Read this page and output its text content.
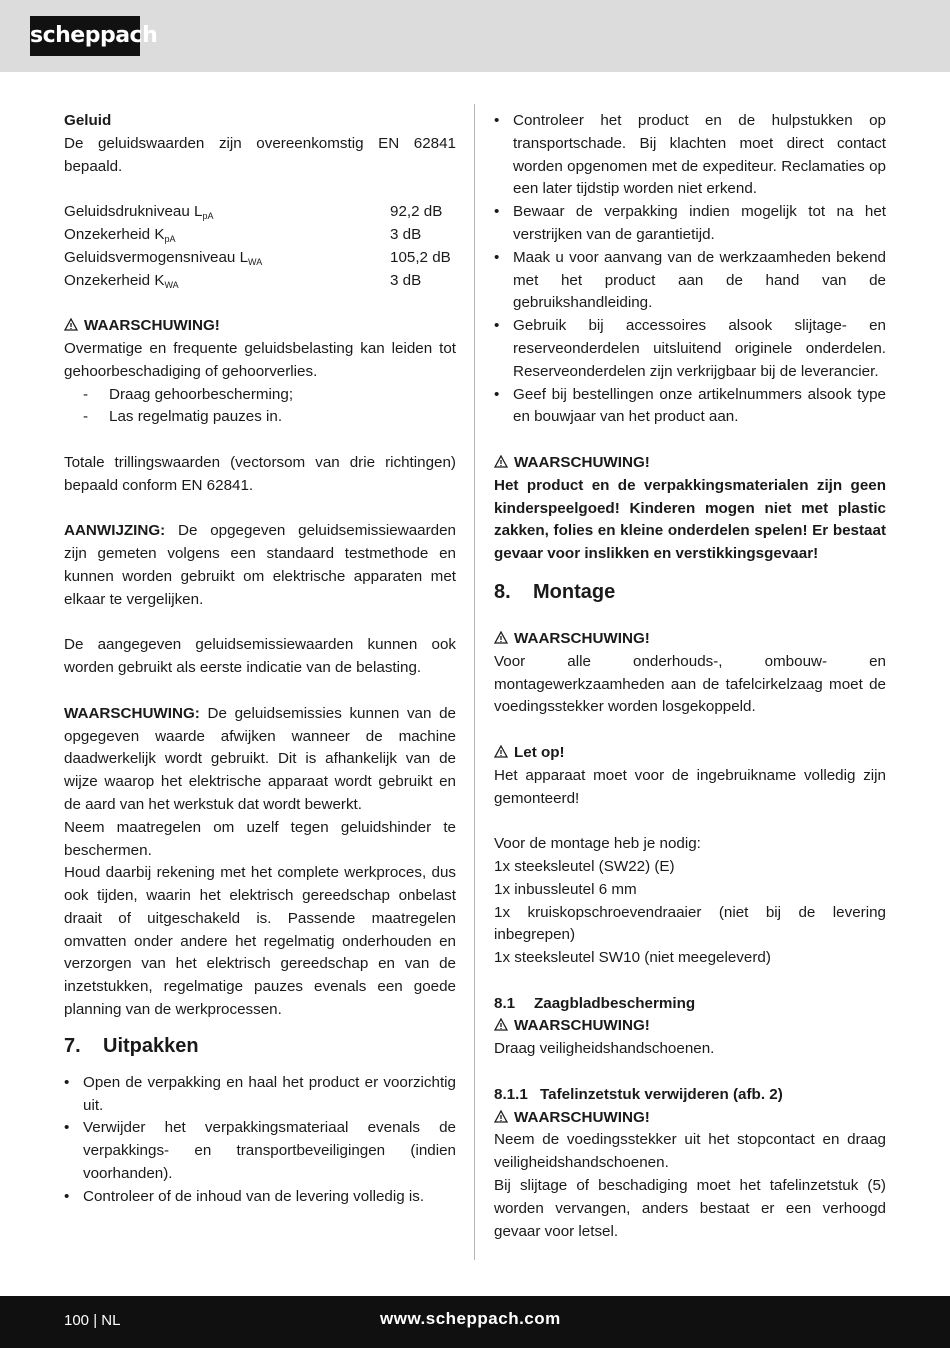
scheppach

Geluid

De geluidswaarden zijn overeenkomstig EN 62841 bepaald.

Geluidsdrukniveau $L_{pA}$	92,2 dB
Onzekerheid $K_{pA}$	3 dB
Geluidsvermogensniveau $L_{WA}$	105,2 dB
Onzekerheid $K_{WA}$	3 dB

WAARSCHUWING!

Overmatige en frequente geluidsbelasting kan leiden tot gehoorbeschadiging of gehoorverlies.

- Draag gehoorbescherming;
- Las regelmatig pauzes in.

Totale trillingswaarden (vectorsom van drie richtingen) bepaald conform EN 62841.

AANWIJZING: De opgegeven geluidsemissiewaarden zijn gemeten volgens een standaard testmethode en kunnen worden gebruikt om elektrische apparaten met elkaar te vergelijken.

De aangegeven geluidsemissiewaarden kunnen ook worden gebruikt als eerste indicatie van de belasting.

WAARSCHUWING: De geluidsemissies kunnen van de opgegeven waarde afwijken wanneer de machine daadwerkelijk wordt gebruikt. Dit is afhankelijk van de wijze waarop het elektrische apparaat wordt gebruikt en de aard van het werkstuk dat wordt bewerkt.

Neem maatregelen om uzelf tegen geluidshinder te beschermen.

Houd daarbij rekening met het complete werkproces, dus ook tijden, waarin het elektrisch gereedschap onbelast draait of uitgeschakeld is. Passende maatregelen omvatten onder andere het regelmatig onderhouden en verzorgen van het elektrisch gereedschap en van de inzetstukken, regelmatige pauzes evenals een goede planning van de werkprocessen.

7.	Uitpakken
• Open de verpakking en haal het product er voorzichtig uit.
• Verwijder het verpakkingsmateriaal evenals de verpakkings- en transportbeveiligingen (indien voorhanden).
• Controleer of de inhoud van de levering volledig is.
• Controleer het product en de hulpstukken op transportschade. Bij klachten moet direct contact worden opgenomen met de expediteur. Reclamaties op een later tijdstip worden niet erkend.
• Bewaar de verpakking indien mogelijk tot na het verstrijken van de garantietijd.
• Maak u voor aanvang van de werkzaamheden bekend met het product aan de hand van de gebruikshandleiding.
• Gebruik bij accessoires alsook slijtage- en reserveonderdelen uitsluitend originele onderdelen. Reserveonderdelen zijn verkrijgbaar bij de leverancier.
• Geef bij bestellingen onze artikelnummers alsook type en bouwjaar van het product aan.

WAARSCHUWING!

Het product en de verpakkingsmaterialen zijn geen kinderspeelgoed! Kinderen mogen niet met plastic zakken, folies en kleine onderdelen spelen! Er bestaat gevaar voor inslikken en verstikkingsgevaar!

8.	Montage

WAARSCHUWING!

Voor alle onderhouds-, ombouw- en montagewerkzaamheden aan de tafelcirkelzaag moet de voedingsstekker worden losgekoppeld.

Let op!

Het apparaat moet voor de ingebruikname volledig zijn gemonteerd!

Voor de montage heb je nodig:

1x steeksleutel (SW22) (E)

1x inbussleutel 6 mm

1x kruiskopschroevendraaier (niet bij de levering inbegrepen)

1x steeksleutel SW10 (niet meegeleverd)

8.1	Zaagbladbescherming

WAARSCHUWING!

Draag veiligheidshandschoenen.

8.1.1 Tafelinzetstuk verwijderen (afb. 2)

WAARSCHUWING!

Neem de voedingsstekker uit het stopcontact en draag veiligheidshandschoenen.

Bij slijtage of beschadiging moet het tafelinzetstuk (5) worden vervangen, anders bestaat er een verhoogd gevaar voor letsel.

100 | NL	www.scheppach.com
